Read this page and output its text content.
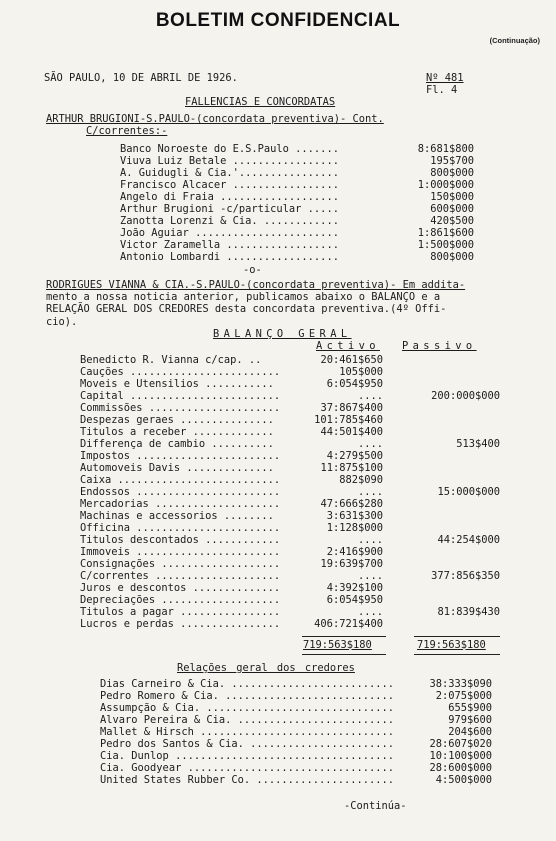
BOLETIM CONFIDENCIAL
(Continuação)
SÃO PAULO, 10 DE ABRIL DE 1926.	Nº 481
Fl. 4
FALLENCIAS E CONCORDATAS
ARTHUR BRUGIONI-S.PAULO-(concordata preventiva)- Cont.
C/correntes:-
Banco Noroeste do E.S.Paulo .......	8:681$800
Viuva Luiz Betale .................	195$700
A. Guidugli & Cia.'................	800$000
Francisco Alcacer .................	1:000$000
Angelo di Fraia ...................	150$000
Arthur Brugioni -c/particular .....	600$000
Zanotta Lorenzi & Cia. ............	420$500
João Aguiar .......................	1:861$600
Victor Zaramella ..................	1:500$000
Antonio Lombardi ..................	800$000
-o-
RODRIGUES VIANNA & CIA.-S.PAULO-(concordata preventiva)- Em additа-
mento a nossa noticia anterior, publicamos abaixo o BALANÇO e a
RELAÇÃO GERAL DOS CREDORES desta concordata preventiva.(4º Offi-
cio).
BALANÇO GERAL
Activo Passivo
Benedicto R. Vianna c/cap. ..	20:461$650
Cauções ........................	105$000
Moveis e Utensilios ...........	6:054$950
Capital ........................	....	200:000$000
Commissões .....................	37:867$400
Despezas geraes ...............	101:785$460
Titulos a receber .............	44:501$400
Differença de cambio ..........	....	513$400
Impostos .......................	4:279$500
Automoveis Davis ..............	11:875$100
Caixa ..........................	882$090
Endossos .......................	....	15:000$000
Mercadorias ....................	47:666$280
Machinas e accessorios ........	3:631$300
Officina .......................	1:128$000
Titulos descontados ............	....	44:254$000
Immoveis .......................	2:416$900
Consignações ...................	19:639$700
C/correntes ....................	....	377:856$350
Juros e descontos ..............	4:392$100
Depreciações ...................	6:054$950
Titulos a pagar ................	....	81:839$430
Lucros e perdas ................	406:721$400
719:563$180	719:563$180
Relações geral dos credores
Dias Carneiro & Cia. ..........................	38:333$090
Pedro Romero & Cia. ...........................	2:075$000
Assumpção & Cia. ..............................	655$900
Alvaro Pereira & Cia. .........................	979$600
Mallet & Hirsch ...............................	204$600
Pedro dos Santos & Cia. .......................	28:607$020
Cia. Dunlop ...................................	10:100$000
Cia. Goodyear .................................	28:600$000
United States Rubber Co. ......................	4:500$000
-Continúa-
